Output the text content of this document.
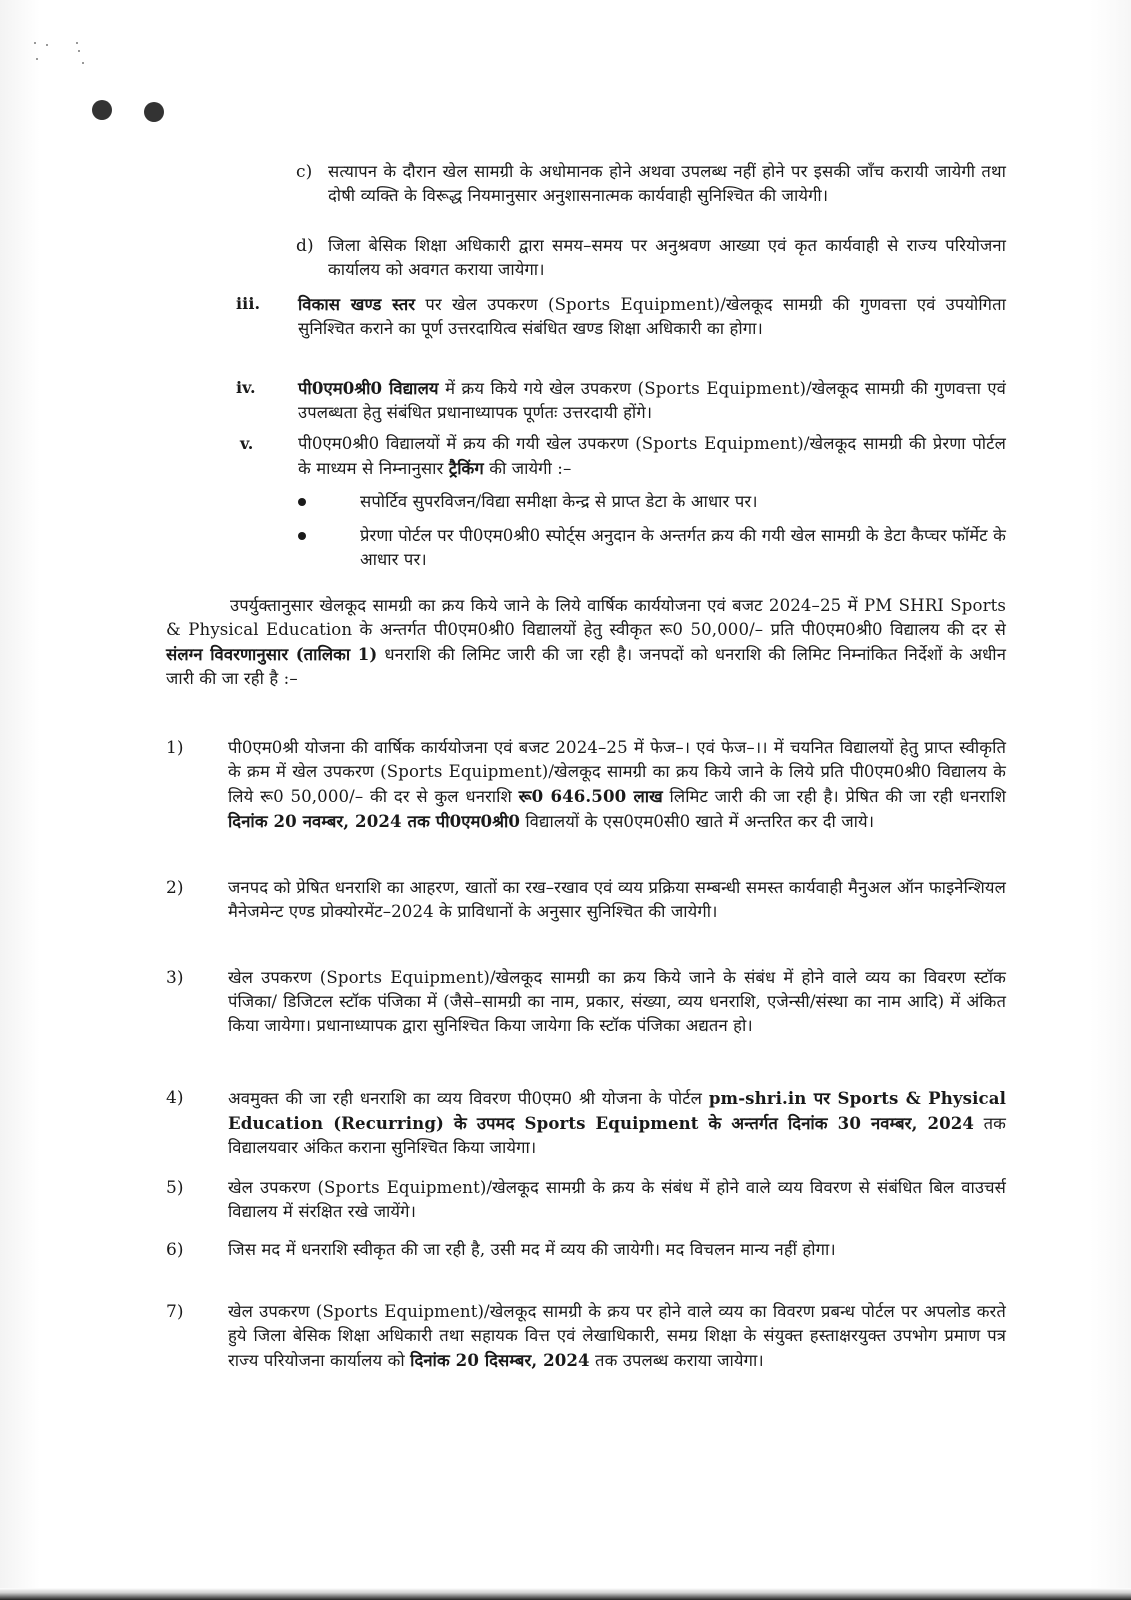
c) सत्यापन के दौरान खेल सामग्री के अधोमानक होने अथवा उपलब्ध नहीं होने पर इसकी जाँच करायी जायेगी तथा दोषी व्यक्ति के विरूद्ध नियमानुसार अनुशासनात्मक कार्यवाही सुनिश्चित की जायेगी।
d) जिला बेसिक शिक्षा अधिकारी द्वारा समय–समय पर अनुश्रवण आख्या एवं कृत कार्यवाही से राज्य परियोजना कार्यालय को अवगत कराया जायेगा।
iii. विकास खण्ड स्तर पर खेल उपकरण (Sports Equipment)/खेलकूद सामग्री की गुणवत्ता एवं उपयोगिता सुनिश्चित कराने का पूर्ण उत्तरदायित्व संबंधित खण्ड शिक्षा अधिकारी का होगा।
iv.	पी0एम0श्री0 विद्यालय में क्रय किये गये खेल उपकरण (Sports Equipment)/खेलकूद सामग्री की गुणवत्ता एवं उपलब्धता हेतु संबंधित प्रधानाध्यापक पूर्णतः उत्तरदायी होंगे।
v.	पी0एम0श्री0 विद्यालयों में क्रय की गयी खेल उपकरण (Sports Equipment)/खेलकूद सामग्री की प्रेरणा पोर्टल के माध्यम से निम्नानुसार ट्रैकिंग की जायेगी :–
सपोर्टिव सुपरविजन/विद्या समीक्षा केन्द्र से प्राप्त डेटा के आधार पर।
प्रेरणा पोर्टल पर पी0एम0श्री0 स्पोर्ट्स अनुदान के अन्तर्गत क्रय की गयी खेल सामग्री के डेटा कैप्चर फॉर्मेट के आधार पर।
उपर्युक्तानुसार खेलकूद सामग्री का क्रय किये जाने के लिये वार्षिक कार्ययोजना एवं बजट 2024–25 में PM SHRI Sports & Physical Education के अन्तर्गत पी0एम0श्री0 विद्यालयों हेतु स्वीकृत रू0 50,000/– प्रति पी0एम0श्री0 विद्यालय की दर से संलग्न विवरणानुसार (तालिका 1) धनराशि की लिमिट जारी की जा रही है। जनपदों को धनराशि की लिमिट निम्नांकित निर्देशों के अधीन जारी की जा रही है :–
1)	पी0एम0श्री योजना की वार्षिक कार्ययोजना एवं बजट 2024–25 में फेज–। एवं फेज–।। में चयनित विद्यालयों हेतु प्राप्त स्वीकृति के क्रम में खेल उपकरण (Sports Equipment)/खेलकूद सामग्री का क्रय किये जाने के लिये प्रति पी0एम0श्री0 विद्यालय के लिये रू0 50,000/– की दर से कुल धनराशि रू0 646.500 लाख लिमिट जारी की जा रही है। प्रेषित की जा रही धनराशि दिनांक 20 नवम्बर, 2024 तक पी0एम0श्री0 विद्यालयों के एस0एम0सी0 खाते में अन्तरित कर दी जाये।
2)	जनपद को प्रेषित धनराशि का आहरण, खातों का रख–रखाव एवं व्यय प्रक्रिया सम्बन्धी समस्त कार्यवाही मैनुअल ऑन फाइनेन्शियल मैनेजमेन्ट एण्ड प्रोक्योरमेंट–2024 के प्राविधानों के अनुसार सुनिश्चित की जायेगी।
3)	खेल उपकरण (Sports Equipment)/खेलकूद सामग्री का क्रय किये जाने के संबंध में होने वाले व्यय का विवरण स्टॉक पंजिका/ डिजिटल स्टॉक पंजिका में (जैसे–सामग्री का नाम, प्रकार, संख्या, व्यय धनराशि, एजेन्सी/संस्था का नाम आदि) में अंकित किया जायेगा। प्रधानाध्यापक द्वारा सुनिश्चित किया जायेगा कि स्टॉक पंजिका अद्यतन हो।
4)	अवमुक्त की जा रही धनराशि का व्यय विवरण पी0एम0 श्री योजना के पोर्टल pm-shri.in पर Sports & Physical Education (Recurring) के उपमद Sports Equipment के अन्तर्गत दिनांक 30 नवम्बर, 2024 तक विद्यालयवार अंकित कराना सुनिश्चित किया जायेगा।
5)	खेल उपकरण (Sports Equipment)/खेलकूद सामग्री के क्रय के संबंध में होने वाले व्यय विवरण से संबंधित बिल वाउचर्स विद्यालय में संरक्षित रखे जायेंगे।
6)	जिस मद में धनराशि स्वीकृत की जा रही है, उसी मद में व्यय की जायेगी। मद विचलन मान्य नहीं होगा।
7)	खेल उपकरण (Sports Equipment)/खेलकूद सामग्री के क्रय पर होने वाले व्यय का विवरण प्रबन्ध पोर्टल पर अपलोड करते हुये जिला बेसिक शिक्षा अधिकारी तथा सहायक वित्त एवं लेखाधिकारी, समग्र शिक्षा के संयुक्त हस्ताक्षरयुक्त उपभोग प्रमाण पत्र राज्य परियोजना कार्यालय को दिनांक 20 दिसम्बर, 2024 तक उपलब्ध कराया जायेगा।
